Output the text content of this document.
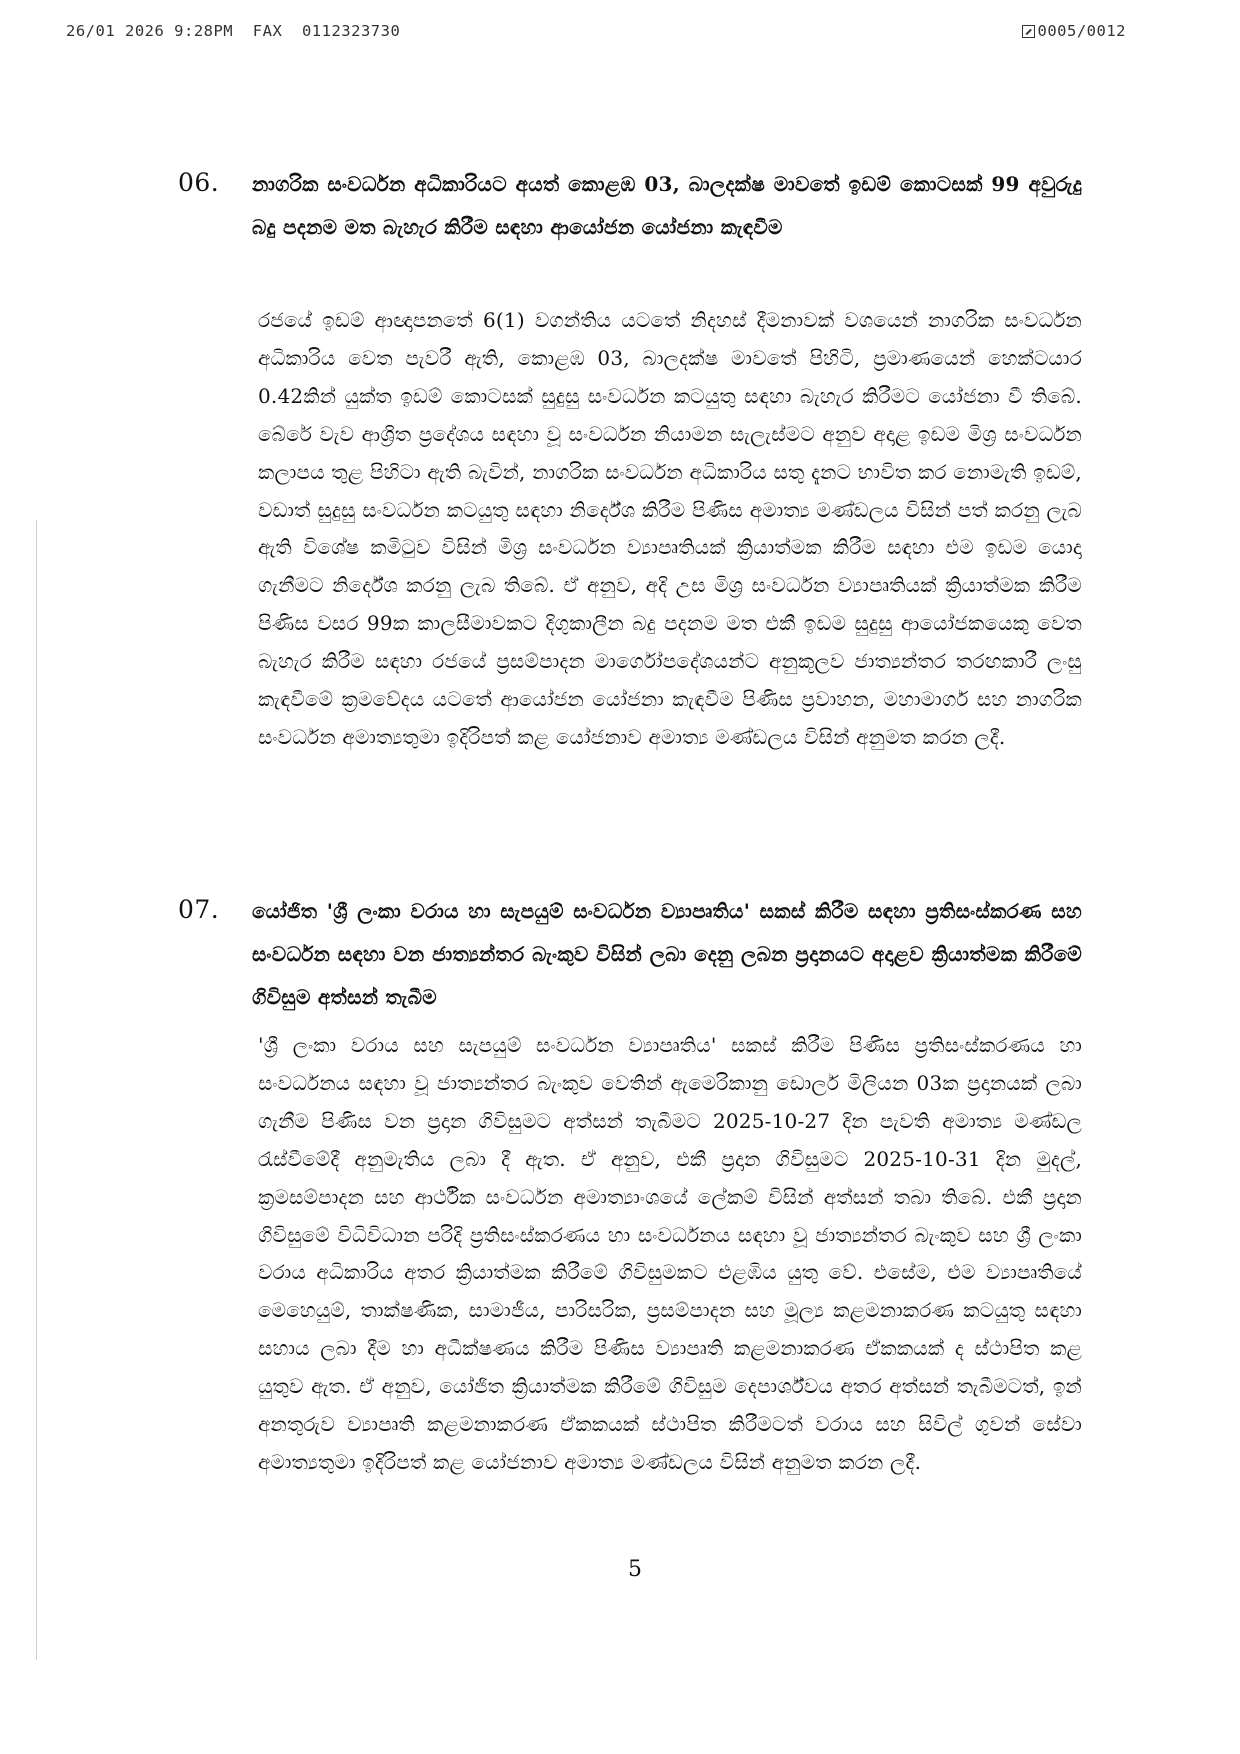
26/01 2026 9:28PM  FAX  0112323730	0005/0012
06. නාගරික සංවර්ධන අධිකාරියට අයත් කොළඹ 03, බාලදක්ෂ මාවතේ ඉඩම් කොටසක් 99 අවුරුදු බදු පදනම මත බැහැර කිරීම සඳහා ආයෝජන යෝජනා කැඳවීම
රජයේ ඉඩම් ආඥාපනතේ 6(1) වගන්තිය යටතේ නිදහස් දීමනාවක් වශයෙන් නාගරික සංවර්ධන අධිකාරිය වෙත පැවරී ඇති, කොළඹ 03, බාලදක්ෂ මාවතේ පිහිටි, ප්‍රමාණයෙන් හෙක්ටයාර 0.42කින් යුක්ත ඉඩම් කොටසක් සුදුසු සංවර්ධන කටයුතු සඳහා බැහැර කිරීමට යෝජනා වී තිබේ. බේරේ වැව ආශ්‍රිත ප්‍රදේශය සඳහා වූ සංවර්ධන නියාමන සැලැස්මට අනුව අදාළ ඉඩම මිශ්‍ර සංවර්ධන කලාපය තුළ පිහිටා ඇති බැවින්, නාගරික සංවර්ධන අධිකාරිය සතු දැනට භාවිත කර නොමැති ඉඩම්, වඩාත් සුදුසු සංවර්ධන කටයුතු සඳහා නිර්දේශ කිරීම පිණිස අමාත්‍ය මණ්ඩලය විසින් පත් කරනු ලැබ ඇති විශේෂ කමිටුව විසින් මිශ්‍ර සංවර්ධන ව්‍යාපෘතියක් ක්‍රියාත්මක කිරීම සඳහා එම ඉඩම යොදා ගැනීමට නිර්දේශ කරනු ලැබ තිබේ. ඒ අනුව, අදි උස මිශ්‍ර සංවර්ධන ව්‍යාපෘතියක් ක්‍රියාත්මක කිරීම පිණිස වසර 99ක කාලසීමාවකට දිගුකාලීන බදු පදනම මත එකී ඉඩම සුදුසු ආයෝජකයෙකු වෙත බැහැර කිරීම සඳහා රජයේ ප්‍රසම්පාදන මාර්ගෝපදේශයන්ට අනුකූලව ජාත්‍යන්තර තරඟකාරී ලංසු කැඳවීමේ ක්‍රමවේදය යටතේ ආයෝජන යෝජනා කැඳවීම පිණිස ප්‍රවාහන, මහාමාර්ග සහ නාගරික සංවර්ධන අමාත්‍යතුමා ඉදිරිපත් කළ යෝජනාව අමාත්‍ය මණ්ඩලය විසින් අනුමත කරන ලදී.
07. යෝජිත 'ශ්‍රී ලංකා වරාය හා සැපයුම් සංවර්ධන ව්‍යාපෘතිය' සකස් කිරීම සඳහා ප්‍රතිසංස්කරණ සහ සංවර්ධන සඳහා වන ජාත්‍යන්තර බැංකුව විසින් ලබා දෙනු ලබන ප්‍රදානයට අදාළව ක්‍රියාත්මක කිරීමේ ගිවිසුම අත්සන් තැබීම
'ශ්‍රී ලංකා වරාය සහ සැපයුම් සංවර්ධන ව්‍යාපෘතිය' සකස් කිරීම පිණිස ප්‍රතිසංස්කරණය හා සංවර්ධනය සඳහා වූ ජාත්‍යන්තර බැංකුව වෙතින් ඇමෙරිකානු ඩොලර් මිලියන 03ක ප්‍රදානයක් ලබා ගැනීම පිණිස වන ප්‍රදාන ගිවිසුමට අත්සන් තැබීමට 2025-10-27 දින පැවති අමාත්‍ය මණ්ඩල රැස්වීමේදී අනුමැතිය ලබා දී ඇත. ඒ අනුව, එකී ප්‍රදාන ගිවිසුමට 2025-10-31 දින මුදල්, ක්‍රමසම්පාදන සහ ආර්ථික සංවර්ධන අමාත්‍යාංශයේ ලේකම් විසින් අත්සන් තබා තිබේ. එකී ප්‍රදාන ගිවිසුමේ විධිවිධාන පරිදි ප්‍රතිසංස්කරණය හා සංවර්ධනය සඳහා වූ ජාත්‍යන්තර බැංකුව සහ ශ්‍රී ලංකා වරාය අධිකාරිය අතර ක්‍රියාත්මක කිරීමේ ගිවිසුමකට එළඹිය යුතු වේ. එසේම, එම ව්‍යාපෘතියේ මෙහෙයුම්, තාක්ෂණික, සාමාජීය, පාරිසරික, ප්‍රසම්පාදන සහ මූල්‍ය කළමනාකරණ කටයුතු සඳහා සහාය ලබා දීම හා අධීක්ෂණය කිරීම පිණිස ව්‍යාපෘති කළමනාකරණ ඒකකයක් ද ස්ථාපිත කළ යුතුව ඇත. ඒ අනුව, යෝජිත ක්‍රියාත්මක කිරීමේ ගිවිසුම දෙපාර්ශ්වය අතර අත්සන් තැබීමටත්, ඉන් අනතුරුව ව්‍යාපෘති කළමනාකරණ ඒකකයක් ස්ථාපිත කිරීමටත් වරාය සහ සිවිල් ගුවන් සේවා අමාත්‍යතුමා ඉදිරිපත් කළ යෝජනාව අමාත්‍ය මණ්ඩලය විසින් අනුමත කරන ලදී.
5
